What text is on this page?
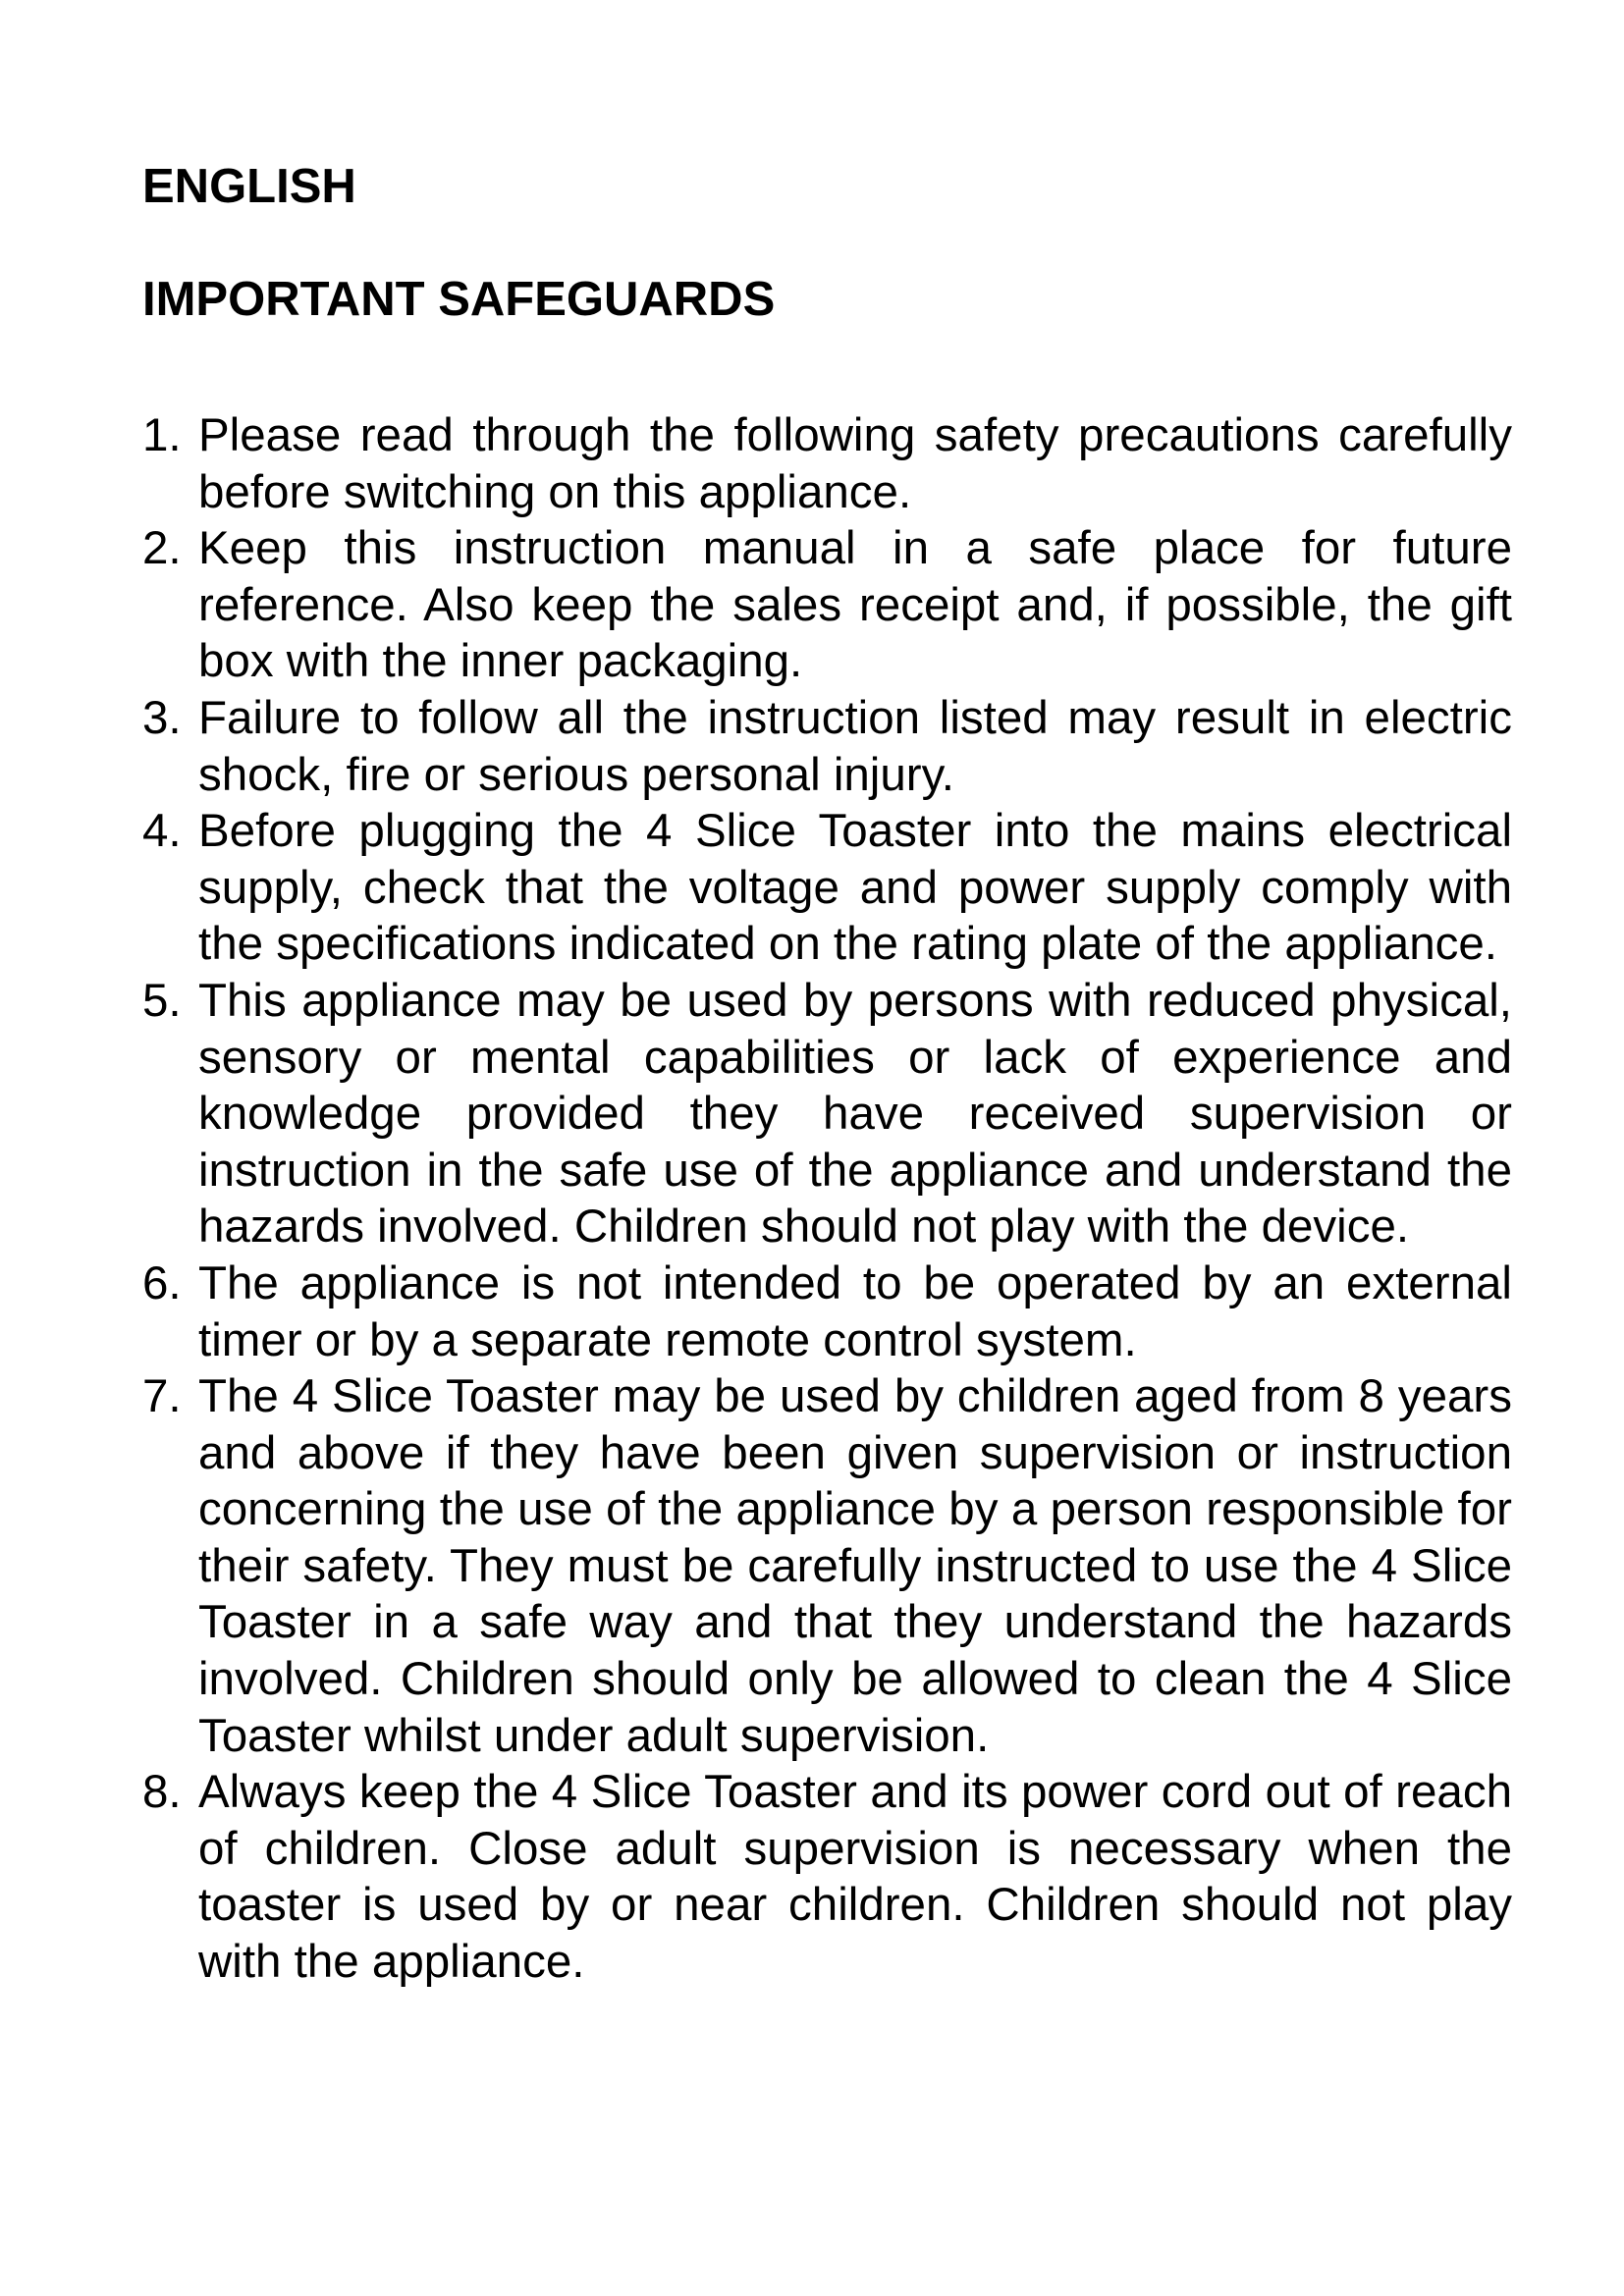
ENGLISH
IMPORTANT SAFEGUARDS
1. Please read through the following safety precautions carefully before switching on this appliance.
2. Keep this instruction manual in a safe place for future reference. Also keep the sales receipt and, if possible, the gift box with the inner packaging.
3. Failure to follow all the instruction listed may result in electric shock, fire or serious personal injury.
4. Before plugging the 4 Slice Toaster into the mains electrical supply, check that the voltage and power supply comply with the specifications indicated on the rating plate of the appliance.
5. This appliance may be used by persons with reduced physical, sensory or mental capabilities or lack of experience and knowledge provided they have received supervision or instruction in the safe use of the appliance and understand the hazards involved. Children should not play with the device.
6. The appliance is not intended to be operated by an external timer or by a separate remote control system.
7. The 4 Slice Toaster may be used by children aged from 8 years and above if they have been given supervision or instruction concerning the use of the appliance by a person responsible for their safety. They must be carefully instructed to use the 4 Slice Toaster in a safe way and that they understand the hazards involved. Children should only be allowed to clean the 4 Slice Toaster whilst under adult supervision.
8. Always keep the 4 Slice Toaster and its power cord out of reach of children. Close adult supervision is necessary when the toaster is used by or near children. Children should not play with the appliance.
